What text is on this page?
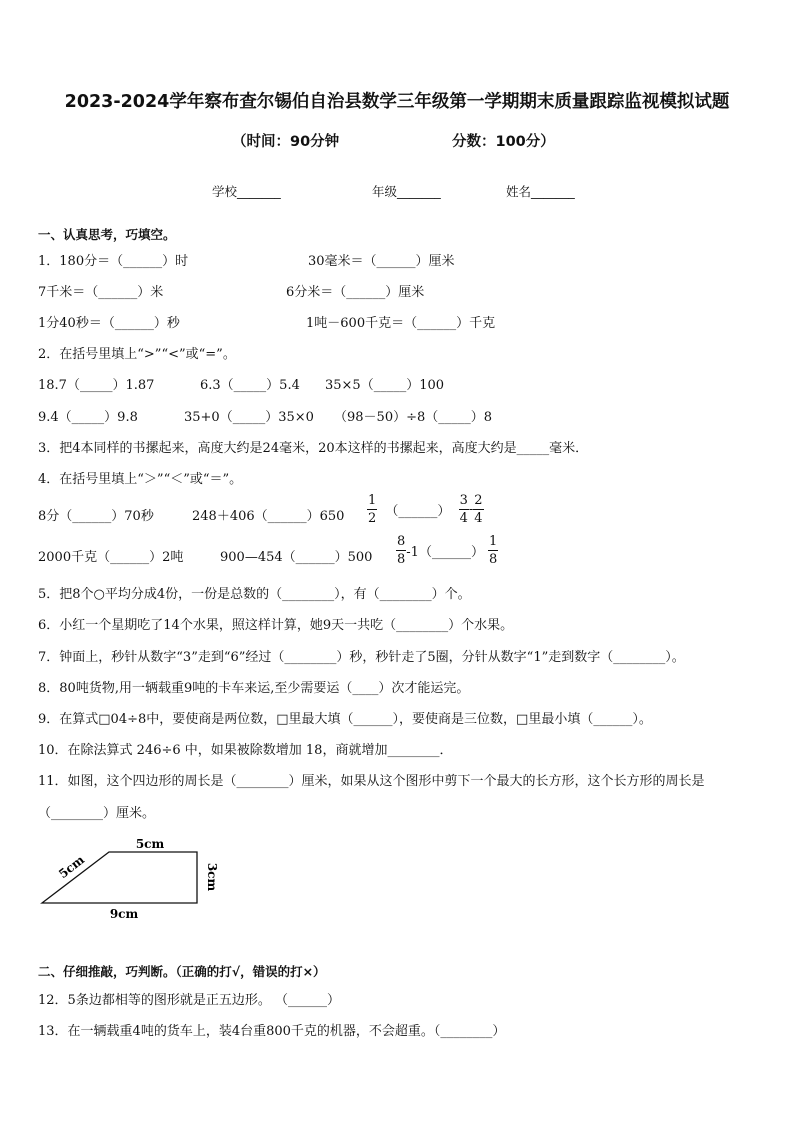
2023-2024学年察布查尔锡伯自治县数学三年级第一学期期末质量跟踪监视模拟试题
（时间：90分钟	分数：100分）
学校_______	年级_______	姓名_______
一、认真思考，巧填空。
1．180分＝（______）时	30毫米＝（______）厘米
7千米＝（______）米	6分米＝（______）厘米
1分40秒＝（______）秒	1吨－600千克＝（______）千克
2．在括号里填上“>”“<”或“=”。
18.7（_____）1.87	6.3（_____）5.4 35×5（_____）100
9.4（_____）9.8	35+0（_____）35×0 （98－50）÷8（_____）8
3．把4本同样的书摞起来，高度大约是24毫米，20本这样的书摞起来，高度大约是_____毫米．
4．在括号里填上“＞”“＜”或“＝”。
8分（______）70秒	248＋406（______）650 $\frac{1}{2}$ （______） $\frac{3}{4} - \frac{2}{4}$
2000千克（______）2吨	900—454（______）500 $\frac{8}{8}$ -1（______） $\frac{1}{8}$
5．把8个○平均分成4份，一份是总数的（________），有（________）个。
6．小红一个星期吃了14个水果，照这样计算，她9天一共吃（________）个水果。
7．钟面上，秒针从数字“3”走到“6”经过（________）秒，秒针走了5圈，分针从数字“1”走到数字（________）。
8．80吨货物,用一辆载重9吨的卡车来运,至少需要运（____）次才能运完。
9．在算式□04÷8中，要使商是两位数，□里最大填（______），要使商是三位数，□里最小填（______）。
10．在除法算式 246÷6 中，如果被除数增加 18，商就增加________．
11．如图，这个四边形的周长是（________）厘米，如果从这个图形中剪下一个最大的长方形，这个长方形的周长是
（________）厘米。
5cm
5cm	3cm
9cm
二、仔细推敲，巧判断。（正确的打√，错误的打×）
12．5条边都相等的图形就是正五边形。 （______）
13．在一辆载重4吨的货车上，装4台重800千克的机器，不会超重。（________）
